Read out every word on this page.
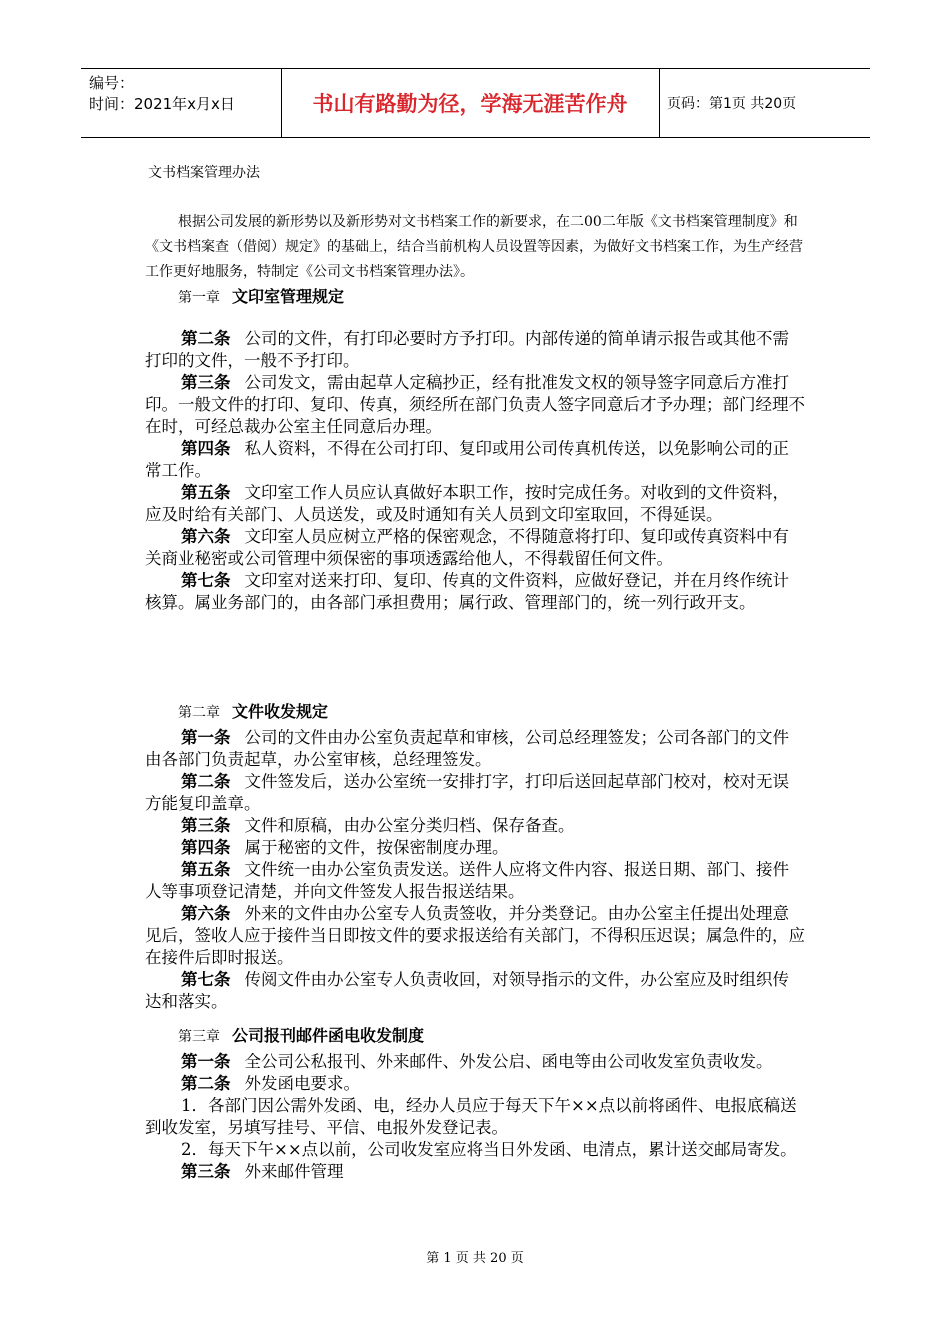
编号：
时间：2021年x月x日	书山有路勤为径，学海无涯苦作舟	页码：第1页 共20页
文书档案管理办法

根据公司发展的新形势以及新形势对文书档案工作的新要求，在二00二年版《文书档案管理制度》和《文书档案查（借阅）规定》的基础上，结合当前机构人员设置等因素，为做好文书档案工作，为生产经营工作更好地服务，特制定《公司文书档案管理办法》。

第一章 文印室管理规定

第二条 公司的文件，有打印必要时方予打印。内部传递的简单请示报告或其他不需打印的文件，一般不予打印。

第三条 公司发文，需由起草人定稿抄正，经有批准发文权的领导签字同意后方准打印。一般文件的打印、复印、传真，须经所在部门负责人签字同意后才予办理；部门经理不在时，可经总裁办公室主任同意后办理。

第四条 私人资料，不得在公司打印、复印或用公司传真机传送，以免影响公司的正常工作。

第五条 文印室工作人员应认真做好本职工作，按时完成任务。对收到的文件资料，应及时给有关部门、人员送发，或及时通知有关人员到文印室取回，不得延误。

第六条 文印室人员应树立严格的保密观念，不得随意将打印、复印或传真资料中有关商业秘密或公司管理中须保密的事项透露给他人，不得载留任何文件。

第七条 文印室对送来打印、复印、传真的文件资料，应做好登记，并在月终作统计核算。属业务部门的，由各部门承担费用；属行政、管理部门的，统一列行政开支。

第二章 文件收发规定

第一条 公司的文件由办公室负责起草和审核，公司总经理签发；公司各部门的文件由各部门负责起草，办公室审核，总经理签发。

第二条 文件签发后，送办公室统一安排打字，打印后送回起草部门校对，校对无误方能复印盖章。

第三条 文件和原稿，由办公室分类归档、保存备查。

第四条 属于秘密的文件，按保密制度办理。

第五条 文件统一由办公室负责发送。送件人应将文件内容、报送日期、部门、接件人等事项登记清楚，并向文件签发人报告报送结果。

第六条 外来的文件由办公室专人负责签收，并分类登记。由办公室主任提出处理意见后，签收人应于接件当日即按文件的要求报送给有关部门，不得积压迟误；属急件的，应在接件后即时报送。

第七条 传阅文件由办公室专人负责收回，对领导指示的文件，办公室应及时组织传达和落实。

第三章 公司报刊邮件函电收发制度

第一条 全公司公私报刊、外来邮件、外发公启、函电等由公司收发室负责收发。

第二条 外发函电要求。

1．各部门因公需外发函、电，经办人员应于每天下午××点以前将函件、电报底稿送到收发室，另填写挂号、平信、电报外发登记表。

2．每天下午××点以前，公司收发室应将当日外发函、电清点，累计送交邮局寄发。

第三条 外来邮件管理

第 1 页 共 20 页
